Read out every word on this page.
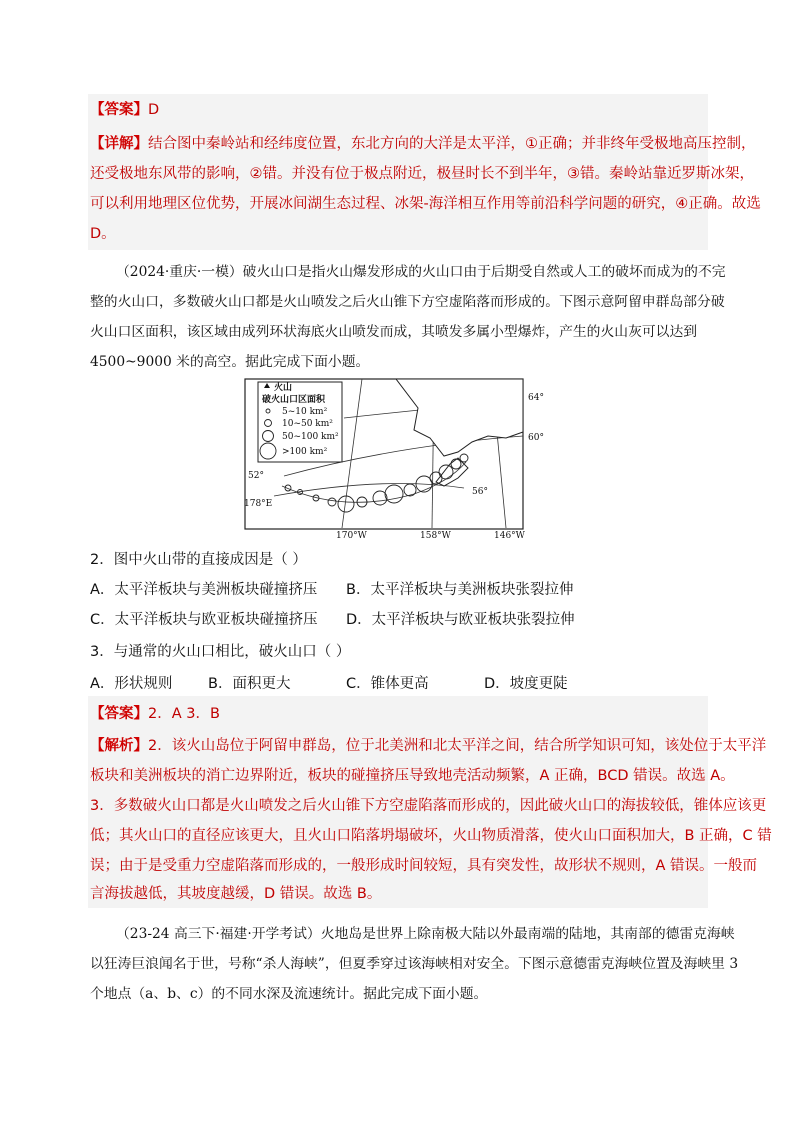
【答案】D
【详解】结合图中秦岭站和经纬度位置，东北方向的大洋是太平洋，①正确；并非终年受极地高压控制，
还受极地东风带的影响，②错。并没有位于极点附近，极昼时长不到半年，③错。秦岭站靠近罗斯冰架，
可以利用地理区位优势，开展冰间湖生态过程、冰架-海洋相互作用等前沿科学问题的研究，④正确。故选
D。
（2024·重庆·一模）破火山口是指火山爆发形成的火山口由于后期受自然或人工的破坏而成为的不完
整的火山口，多数破火山口都是火山喷发之后火山锥下方空虚陷落而形成的。下图示意阿留申群岛部分破
火山口区面积，该区域由成列环状海底火山喷发而成，其喷发多属小型爆炸，产生的火山灰可以达到
4500~9000 米的高空。据此完成下面小题。
火山
破火山口区面积
5~10 km²
10~50 km²
50~100 km²
>100 km²
64°
60°
56°
52°
178°E
170°W	158°W	146°W
2．图中火山带的直接成因是（ ）
A．太平洋板块与美洲板块碰撞挤压 B．太平洋板块与美洲板块张裂拉伸
C．太平洋板块与欧亚板块碰撞挤压 D．太平洋板块与欧亚板块张裂拉伸
3．与通常的火山口相比，破火山口（ ）
A．形状规则 B．面积更大	C．锥体更高	D．坡度更陡
【答案】2．A 3．B
【解析】2．该火山岛位于阿留申群岛，位于北美洲和北太平洋之间，结合所学知识可知，该处位于太平洋
板块和美洲板块的消亡边界附近，板块的碰撞挤压导致地壳活动频繁，A 正确，BCD 错误。故选 A。
3．多数破火山口都是火山喷发之后火山锥下方空虚陷落而形成的，因此破火山口的海拔较低，锥体应该更
低；其火山口的直径应该更大，且火山口陷落坍塌破坏，火山物质滑落，使火山口面积加大，B 正确，C 错
误；由于是受重力空虚陷落而形成的，一般形成时间较短，具有突发性，故形状不规则，A 错误。一般而
言海拔越低，其坡度越缓，D 错误。故选 B。
（23-24 高三下·福建·开学考试）火地岛是世界上除南极大陆以外最南端的陆地，其南部的德雷克海峡
以狂涛巨浪闻名于世，号称“杀人海峡”，但夏季穿过该海峡相对安全。下图示意德雷克海峡位置及海峡里 3
个地点（a、b、c）的不同水深及流速统计。据此完成下面小题。
